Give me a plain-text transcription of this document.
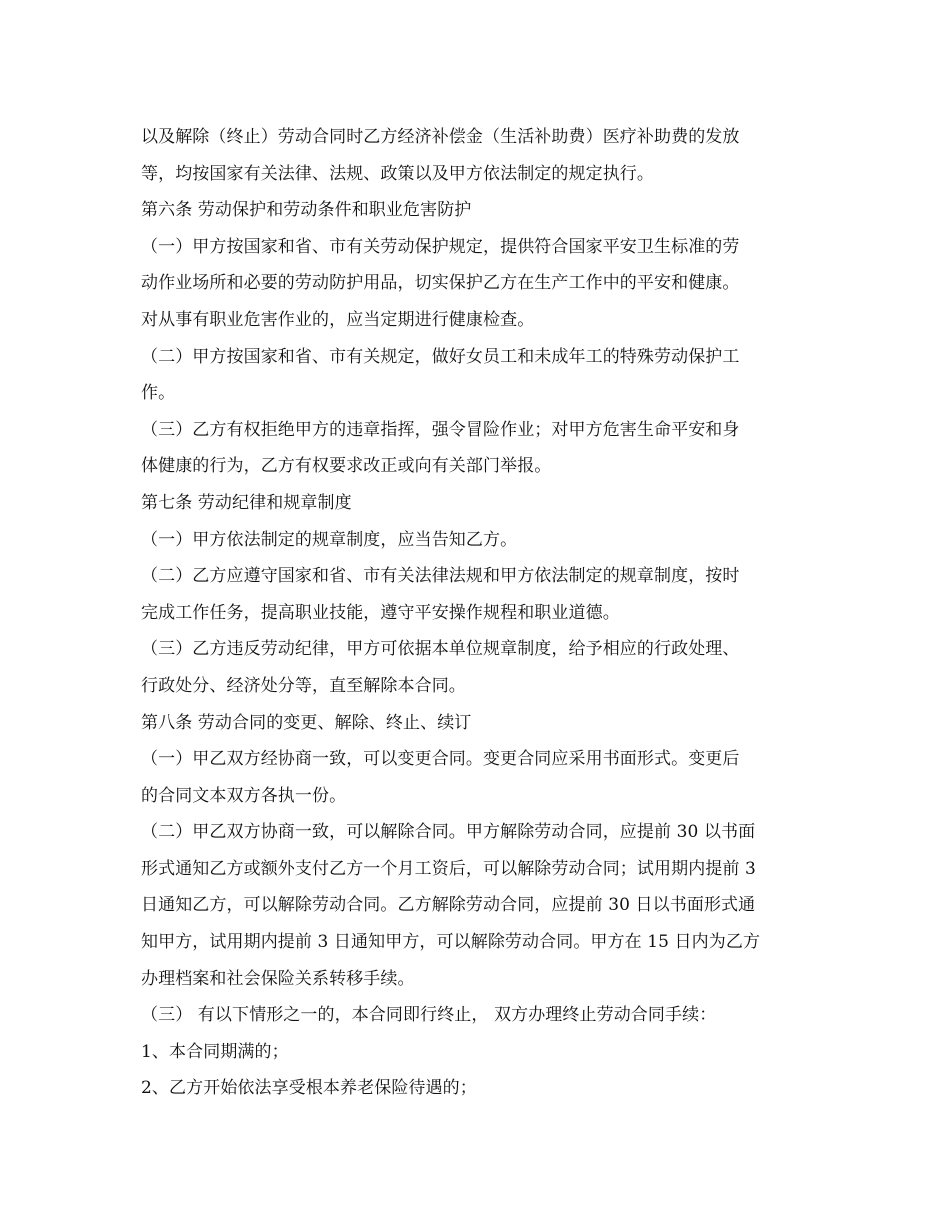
以及解除（终止）劳动合同时乙方经济补偿金（生活补助费）医疗补助费的发放
等，均按国家有关法律、法规、政策以及甲方依法制定的规定执行。
第六条 劳动保护和劳动条件和职业危害防护
（一）甲方按国家和省、市有关劳动保护规定，提供符合国家平安卫生标准的劳
动作业场所和必要的劳动防护用品，切实保护乙方在生产工作中的平安和健康。
对从事有职业危害作业的，应当定期进行健康检查。
（二）甲方按国家和省、市有关规定，做好女员工和未成年工的特殊劳动保护工
作。
（三）乙方有权拒绝甲方的违章指挥，强令冒险作业；对甲方危害生命平安和身
体健康的行为，乙方有权要求改正或向有关部门举报。
第七条 劳动纪律和规章制度
（一）甲方依法制定的规章制度，应当告知乙方。
（二）乙方应遵守国家和省、市有关法律法规和甲方依法制定的规章制度，按时
完成工作任务，提高职业技能，遵守平安操作规程和职业道德。
（三）乙方违反劳动纪律，甲方可依据本单位规章制度，给予相应的行政处理、
行政处分、经济处分等，直至解除本合同。
第八条 劳动合同的变更、解除、终止、续订
（一）甲乙双方经协商一致，可以变更合同。变更合同应采用书面形式。变更后
的合同文本双方各执一份。
（二）甲乙双方协商一致，可以解除合同。甲方解除劳动合同，应提前 30 以书面
形式通知乙方或额外支付乙方一个月工资后，可以解除劳动合同；试用期内提前 3
日通知乙方，可以解除劳动合同。乙方解除劳动合同，应提前 30 日以书面形式通
知甲方，试用期内提前 3 日通知甲方，可以解除劳动合同。甲方在 15 日内为乙方
办理档案和社会保险关系转移手续。
（三） 有以下情形之一的，本合同即行终止， 双方办理终止劳动合同手续：
1、本合同期满的；
2、乙方开始依法享受根本养老保险待遇的；
